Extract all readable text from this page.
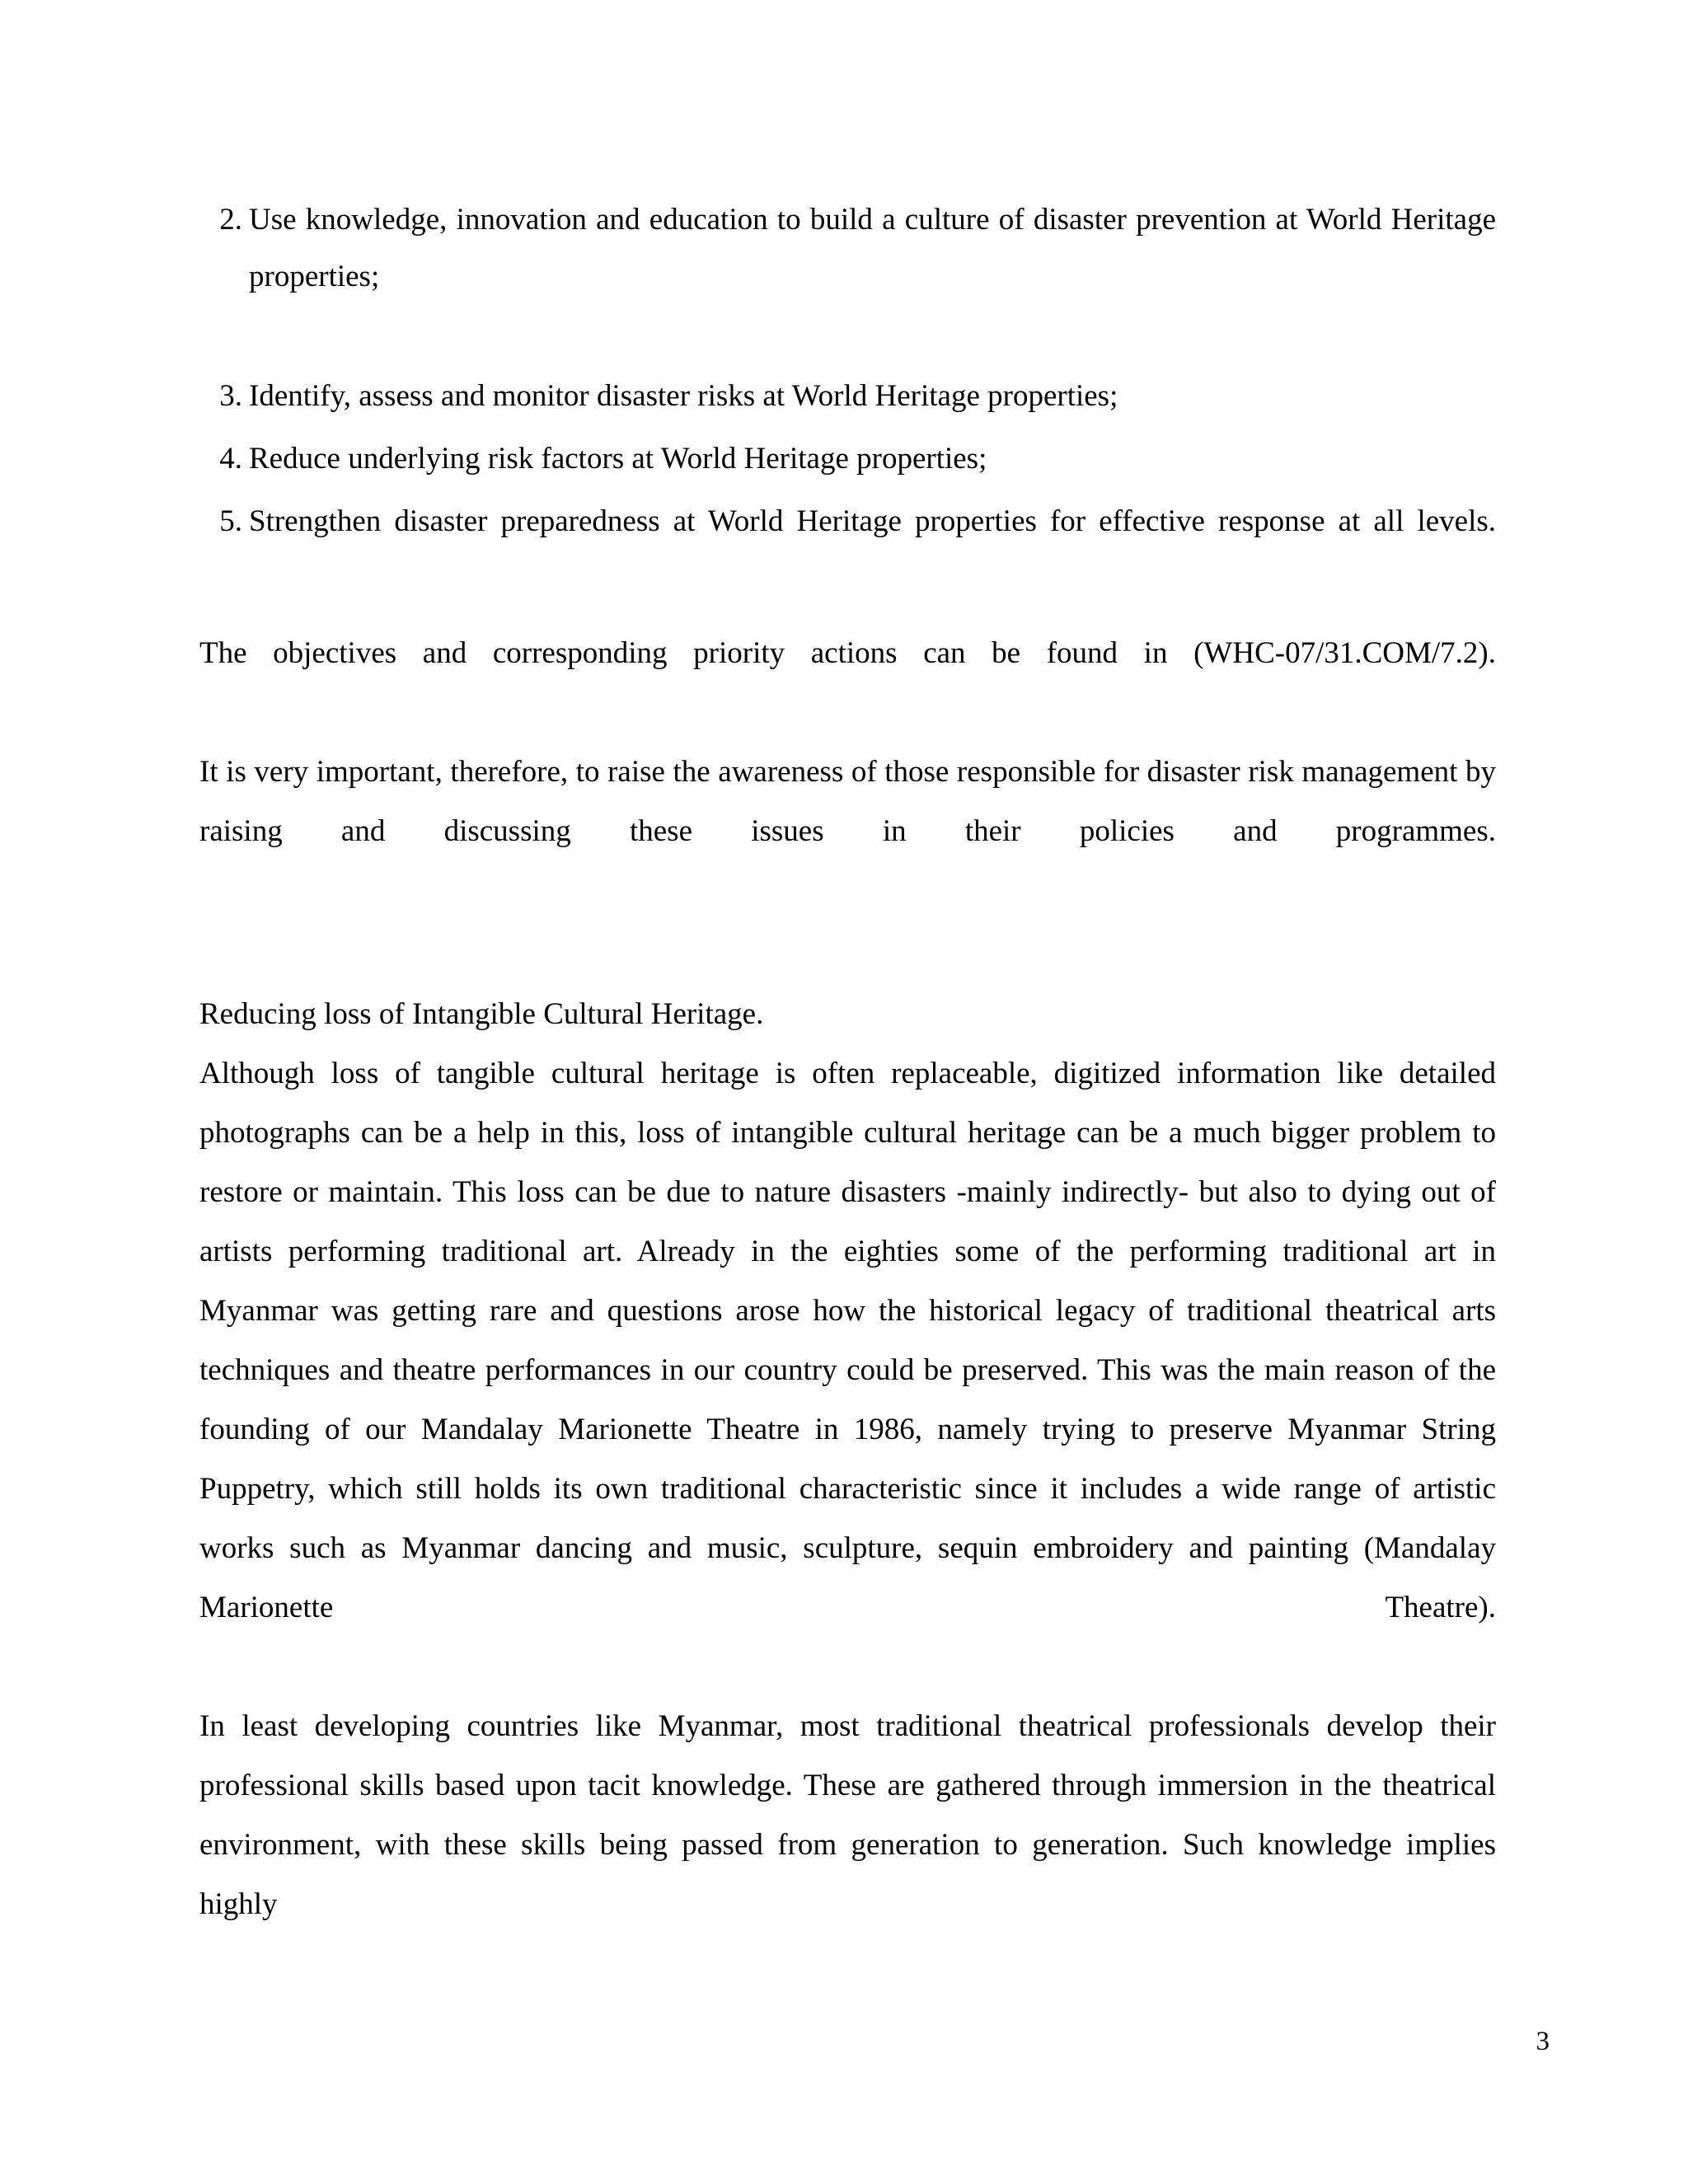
2. Use knowledge, innovation and education to build a culture of disaster prevention at World Heritage properties;
3. Identify, assess and monitor disaster risks at World Heritage properties;
4. Reduce underlying risk factors at World Heritage properties;
5. Strengthen disaster preparedness at World Heritage properties for effective response at all levels.

The objectives and corresponding priority actions can be found in (WHC-07/31.COM/7.2).

It is very important, therefore, to raise the awareness of those responsible for disaster risk management by raising and discussing these issues in their policies and programmes.

Reducing loss of Intangible Cultural Heritage.

Although loss of tangible cultural heritage is often replaceable, digitized information like detailed photographs can be a help in this, loss of intangible cultural heritage can be a much bigger problem to restore or maintain. This loss can be due to nature disasters -mainly indirectly- but also to dying out of artists performing traditional art. Already in the eighties some of the performing traditional art in Myanmar was getting rare and questions arose how the historical legacy of traditional theatrical arts techniques and theatre performances in our country could be preserved. This was the main reason of the founding of our Mandalay Marionette Theatre in 1986, namely trying to preserve Myanmar String Puppetry, which still holds its own traditional characteristic since it includes a wide range of artistic works such as Myanmar dancing and music, sculpture, sequin embroidery and painting (Mandalay Marionette Theatre).

In least developing countries like Myanmar, most traditional theatrical professionals develop their professional skills based upon tacit knowledge. These are gathered through immersion in the theatrical environment, with these skills being passed from generation to generation. Such knowledge implies highly

3
